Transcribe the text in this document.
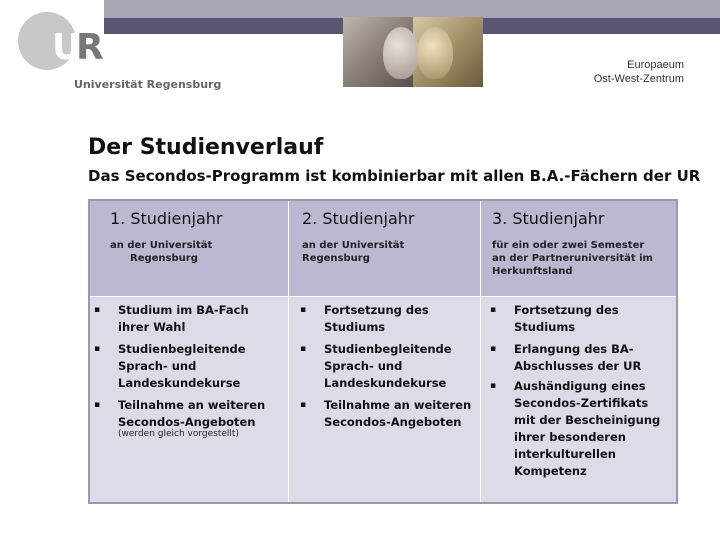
U
R
Universität Regensburg
Europaeum
Ost-West-Zentrum
Der Studienverlauf
Das Secondos-Programm ist kombinierbar mit allen B.A.-Fächern der UR
1. Studienjahr
an der Universität
Regensburg
2. Studienjahr
an der Universität
Regensburg
3. Studienjahr
für ein oder zwei Semester
an der Partneruniversität im
Herkunftsland
▪ Studium im BA-Fach
ihrer Wahl
▪ Studienbegleitende
Sprach- und
Landeskundekurse
▪ Teilnahme an weiteren
Secondos-Angeboten
(werden gleich vorgestellt)
▪ Fortsetzung des
Studiums
▪ Studienbegleitende
Sprach- und
Landeskundekurse
▪ Teilnahme an weiteren
Secondos-Angeboten
▪ Fortsetzung des
Studiums
▪ Erlangung des BA-
Abschlusses der UR
▪ Aushändigung eines
Secondos-Zertifikats
mit der Bescheinigung
ihrer besonderen
interkulturellen
Kompetenz
